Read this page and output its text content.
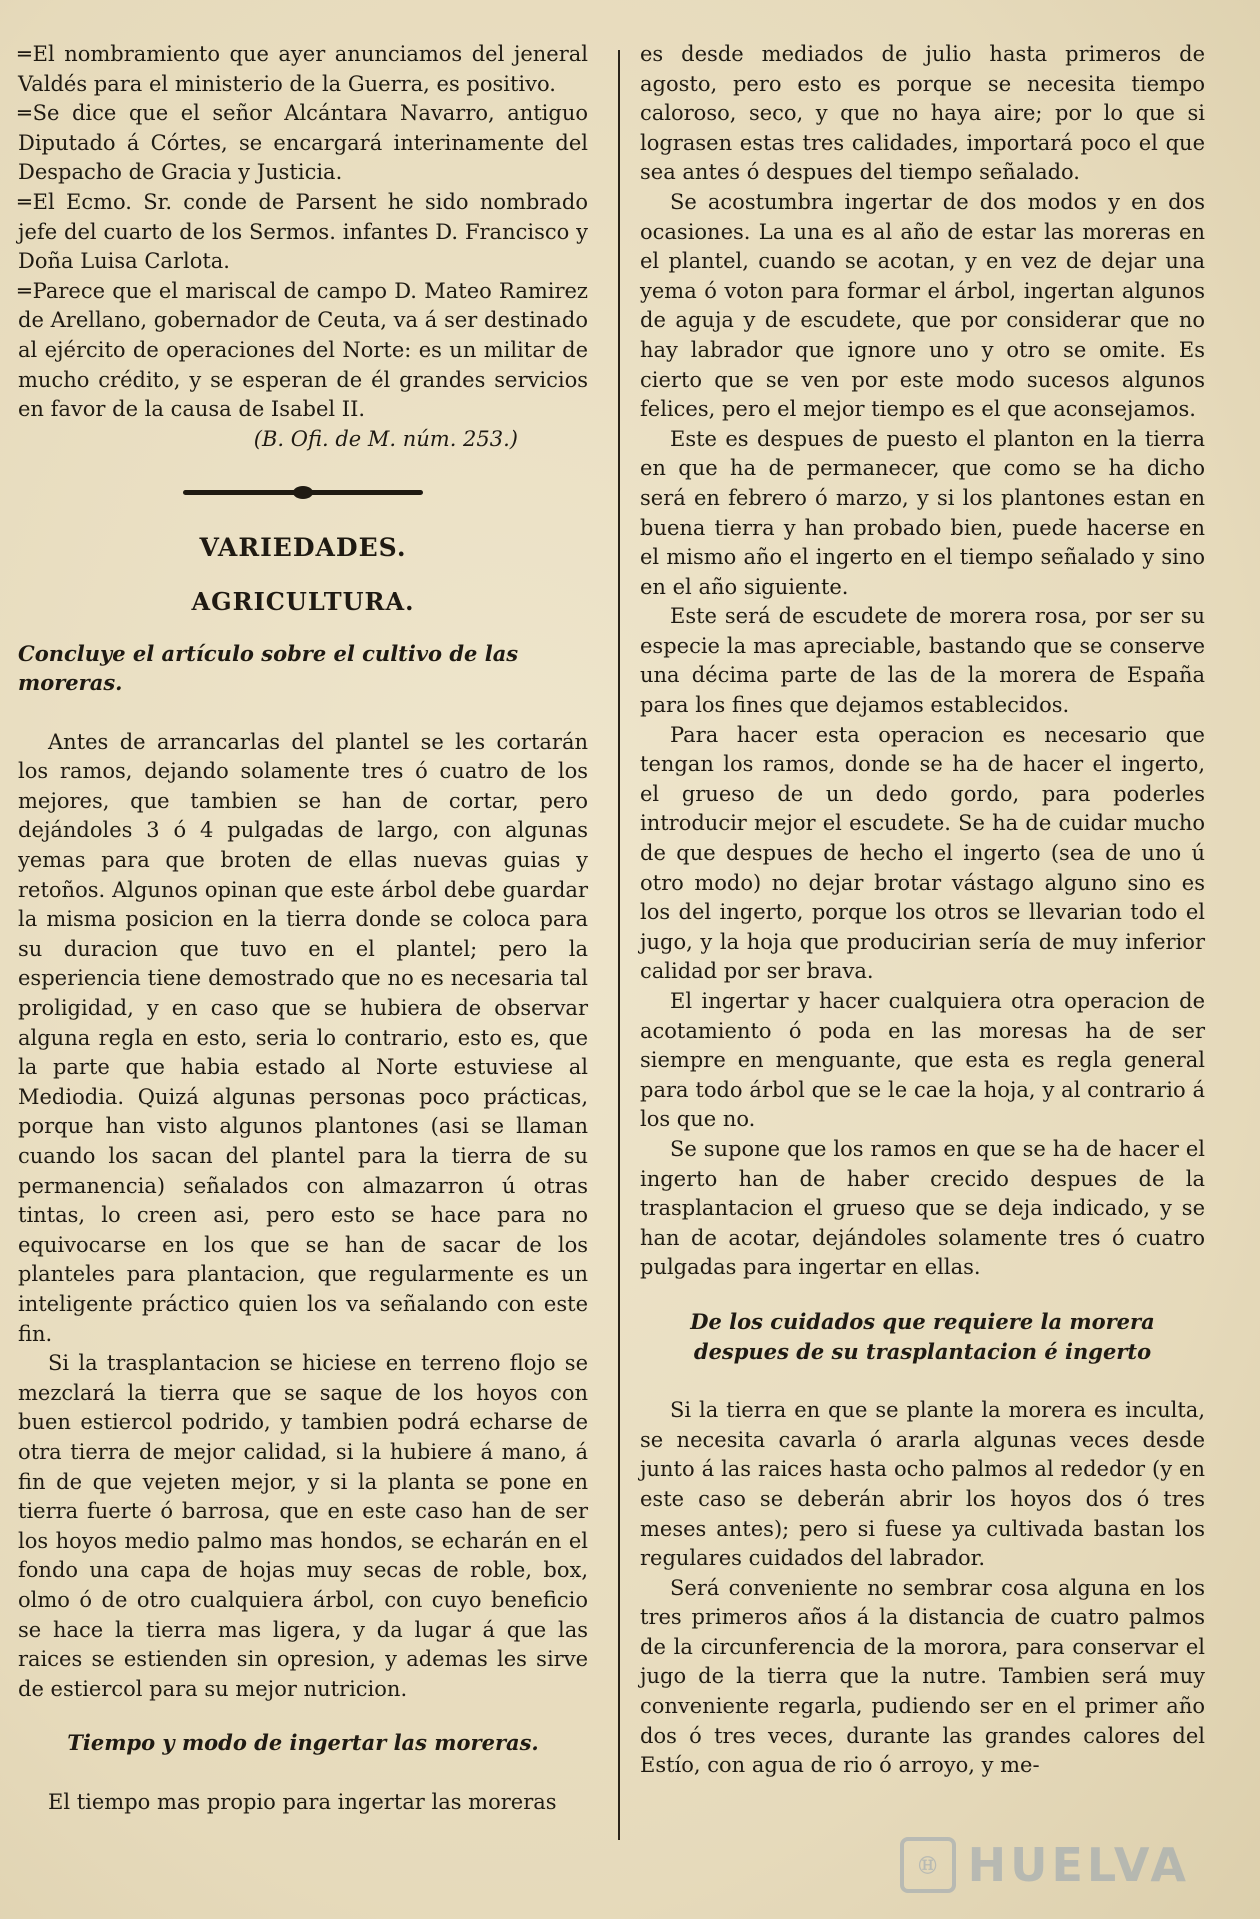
═ El nombramiento que ayer anunciamos del jeneral Valdés para el ministerio de la Guerra, es positivo.

═ Se dice que el señor Alcántara Navarro, antiguo Diputado á Córtes, se encargará interinamente del Despacho de Gracia y Justicia.

═ El Ecmo. Sr. conde de Parsent he sido nombrado jefe del cuarto de los Sermos. infantes D. Francisco y Doña Luisa Carlota.

═ Parece que el mariscal de campo D. Mateo Ramirez de Arellano, gobernador de Ceuta, va á ser destinado al ejército de operaciones del Norte: es un militar de mucho crédito, y se esperan de él grandes servicios en favor de la causa de Isabel II.

(B. Ofi. de M. núm. 253.)

VARIEDADES.
AGRICULTURA.

Concluye el artículo sobre el cultivo de las moreras.

Antes de arrancarlas del plantel se les cortarán los ramos, dejando solamente tres ó cuatro de los mejores, que tambien se han de cortar, pero dejándoles 3 ó 4 pulgadas de largo, con algunas yemas para que broten de ellas nuevas guias y retoños. Algunos opinan que este árbol debe guardar la misma posicion en la tierra donde se coloca para su duracion que tuvo en el plantel; pero la esperiencia tiene demostrado que no es necesaria tal proligidad, y en caso que se hubiera de observar alguna regla en esto, seria lo contrario, esto es, que la parte que habia estado al Norte estuviese al Mediodia. Quizá algunas personas poco prácticas, porque han visto algunos plantones (asi se llaman cuando los sacan del plantel para la tierra de su permanencia) señalados con almazarron ú otras tintas, lo creen asi, pero esto se hace para no equivocarse en los que se han de sacar de los planteles para plantacion, que regularmente es un inteligente práctico quien los va señalando con este fin.

Si la trasplantacion se hiciese en terreno flojo se mezclará la tierra que se saque de los hoyos con buen estiercol podrido, y tambien podrá echarse de otra tierra de mejor calidad, si la hubiere á mano, á fin de que vejeten mejor, y si la planta se pone en tierra fuerte ó barrosa, que en este caso han de ser los hoyos medio palmo mas hondos, se echarán en el fondo una capa de hojas muy secas de roble, box, olmo ó de otro cualquiera árbol, con cuyo beneficio se hace la tierra mas ligera, y da lugar á que las raices se estienden sin opresion, y ademas les sirve de estiercol para su mejor nutricion.

Tiempo y modo de ingertar las moreras.

El tiempo mas propio para ingertar las moreras

es desde mediados de julio hasta primeros de agosto, pero esto es porque se necesita tiempo caloroso, seco, y que no haya aire; por lo que si lograsen estas tres calidades, importará poco el que sea antes ó despues del tiempo señalado.

Se acostumbra ingertar de dos modos y en dos ocasiones. La una es al año de estar las moreras en el plantel, cuando se acotan, y en vez de dejar una yema ó voton para formar el árbol, ingertan algunos de aguja y de escudete, que por considerar que no hay labrador que ignore uno y otro se omite. Es cierto que se ven por este modo sucesos algunos felices, pero el mejor tiempo es el que aconsejamos.

Este es despues de puesto el planton en la tierra en que ha de permanecer, que como se ha dicho será en febrero ó marzo, y si los plantones estan en buena tierra y han probado bien, puede hacerse en el mismo año el ingerto en el tiempo señalado y sino en el año siguiente.

Este será de escudete de morera rosa, por ser su especie la mas apreciable, bastando que se conserve una décima parte de las de la morera de España para los fines que dejamos establecidos.

Para hacer esta operacion es necesario que tengan los ramos, donde se ha de hacer el ingerto, el grueso de un dedo gordo, para poderles introducir mejor el escudete. Se ha de cuidar mucho de que despues de hecho el ingerto (sea de uno ú otro modo) no dejar brotar vástago alguno sino es los del ingerto, porque los otros se llevarian todo el jugo, y la hoja que producirian sería de muy inferior calidad por ser brava.

El ingertar y hacer cualquiera otra operacion de acotamiento ó poda en las moresas ha de ser siempre en menguante, que esta es regla general para todo árbol que se le cae la hoja, y al contrario á los que no.

Se supone que los ramos en que se ha de hacer el ingerto han de haber crecido despues de la trasplantacion el grueso que se deja indicado, y se han de acotar, dejándoles solamente tres ó cuatro pulgadas para ingertar en ellas.

De los cuidados que requiere la morera despues de su trasplantacion é ingerto

Si la tierra en que se plante la morera es inculta, se necesita cavarla ó ararla algunas veces desde junto á las raices hasta ocho palmos al rededor (y en este caso se deberán abrir los hoyos dos ó tres meses antes); pero si fuese ya cultivada bastan los regulares cuidados del labrador.

Será conveniente no sembrar cosa alguna en los tres primeros años á la distancia de cuatro palmos de la circunferencia de la morora, para conservar el jugo de la tierra que la nutre. Tambien será muy conveniente regarla, pudiendo ser en el primer año dos ó tres veces, durante las grandes calores del Estío, con agua de rio ó arroyo, y me-

Ⓗ HUELVA
